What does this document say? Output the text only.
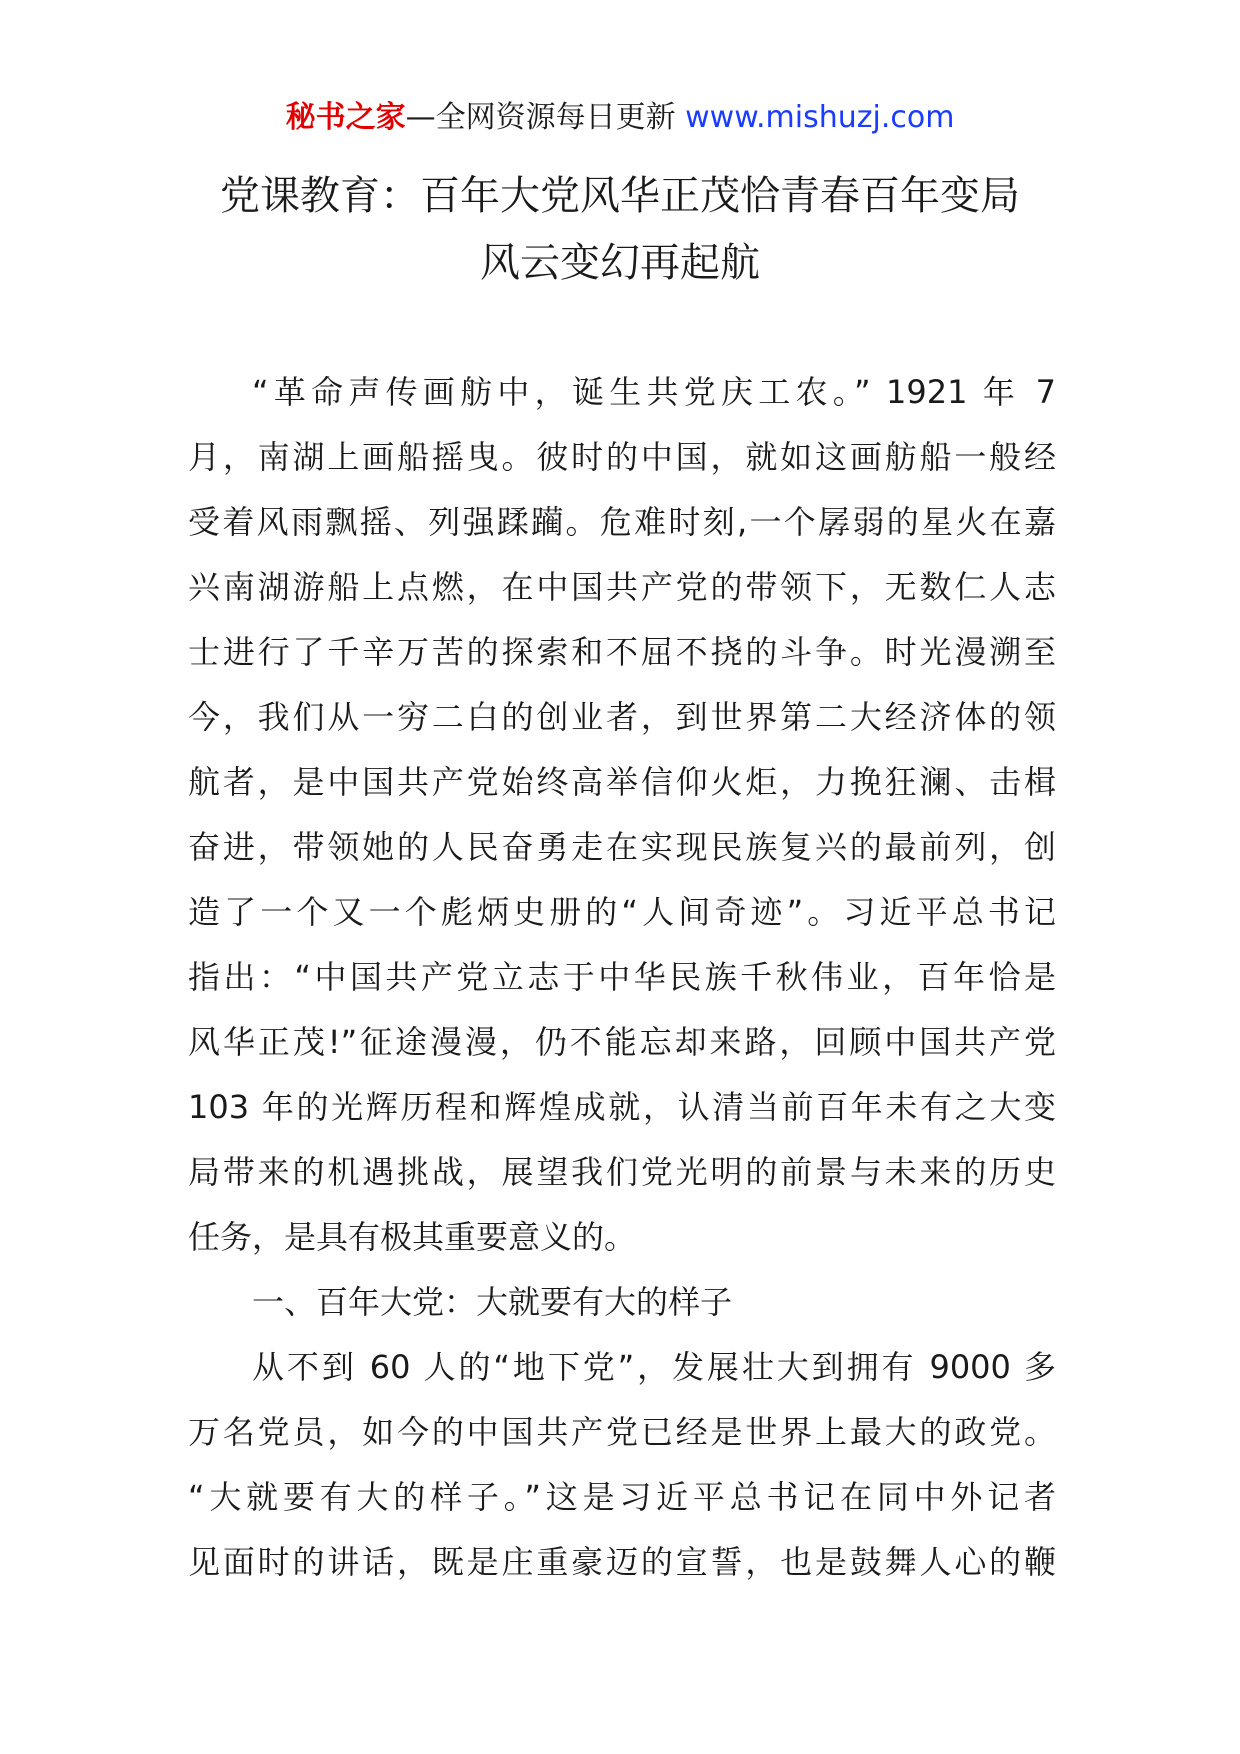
秘书之家—全网资源每日更新 www.mishuzj.com
党课教育：百年大党风华正茂恰青春百年变局
风云变幻再起航
“革命声传画舫中，诞生共党庆工农。” 1921 年 7
月，南湖上画船摇曳。彼时的中国，就如这画舫船一般经
受着风雨飘摇、列强蹂躏。危难时刻,一个孱弱的星火在嘉
兴南湖游船上点燃，在中国共产党的带领下，无数仁人志
士进行了千辛万苦的探索和不屈不挠的斗争。时光漫溯至
今，我们从一穷二白的创业者，到世界第二大经济体的领
航者，是中国共产党始终高举信仰火炬，力挽狂澜、击楫
奋进，带领她的人民奋勇走在实现民族复兴的最前列，创
造了一个又一个彪炳史册的“人间奇迹”。习近平总书记
指出：“中国共产党立志于中华民族千秋伟业，百年恰是
风华正茂!”征途漫漫，仍不能忘却来路，回顾中国共产党
103 年的光辉历程和辉煌成就，认清当前百年未有之大变
局带来的机遇挑战，展望我们党光明的前景与未来的历史
任务，是具有极其重要意义的。
一、百年大党：大就要有大的样子
从不到 60 人的“地下党”，发展壮大到拥有 9000 多
万名党员，如今的中国共产党已经是世界上最大的政党。
“大就要有大的样子。”这是习近平总书记在同中外记者
见面时的讲话，既是庄重豪迈的宣誓，也是鼓舞人心的鞭
